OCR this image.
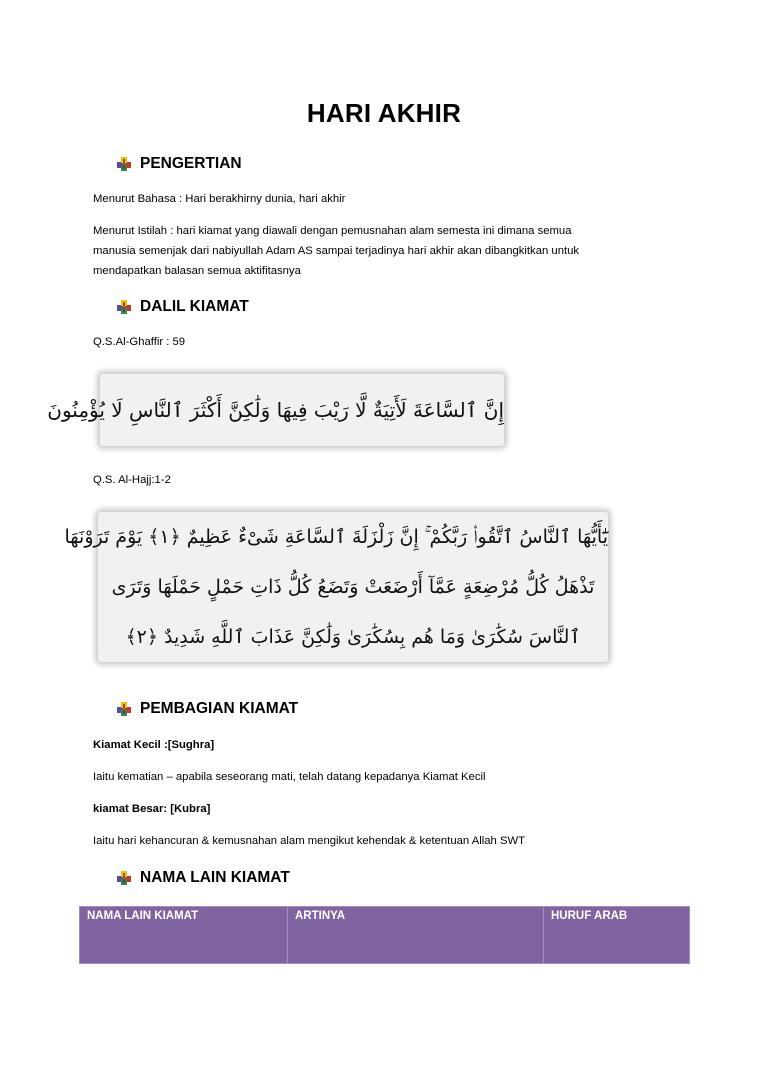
HARI AKHIR
PENGERTIAN
Menurut Bahasa : Hari berakhirny dunia, hari akhir
Menurut Istilah : hari kiamat yang diawali dengan pemusnahan alam semesta ini dimana semua
manusia semenjak dari nabiyullah Adam AS sampai terjadinya hari akhir akan dibangkitkan untuk
mendapatkan balasan semua aktifitasnya
DALIL KIAMAT
Q.S.Al-Ghaffir : 59
إِنَّ ٱلسَّاعَةَ لَأَتِيَةٌ لَّا رَيْبَ فِيهَا وَلَٰكِنَّ أَكْثَرَ ٱلنَّاسِ لَا يُؤْمِنُونَ
Q.S. Al-Hajj:1-2
يَٰٓأَيُّهَا ٱلنَّاسُ ٱتَّقُوا۟ رَبَّكُمْ ۚ إِنَّ زَلْزَلَةَ ٱلسَّاعَةِ شَىْءٌ عَظِيمٌ ﴿١﴾ يَوْمَ تَرَوْنَهَا
تَذْهَلُ كُلُّ مُرْضِعَةٍ عَمَّآ أَرْضَعَتْ وَتَضَعُ كُلُّ ذَاتِ حَمْلٍ حَمْلَهَا وَتَرَى
ٱلنَّاسَ سُكَٰرَىٰ وَمَا هُم بِسُكَٰرَىٰ وَلَٰكِنَّ عَذَابَ ٱللَّهِ شَدِيدٌ ﴿٢﴾
PEMBAGIAN KIAMAT
Kiamat Kecil :[Sughra]
Iaitu kematian – apabila seseorang mati, telah datang kepadanya Kiamat Kecil
kiamat Besar: [Kubra]
Iaitu hari kehancuran & kemusnahan alam mengikut kehendak & ketentuan Allah SWT
NAMA LAIN KIAMAT
NAMA LAIN KIAMAT	ARTINYA	HURUF ARAB
